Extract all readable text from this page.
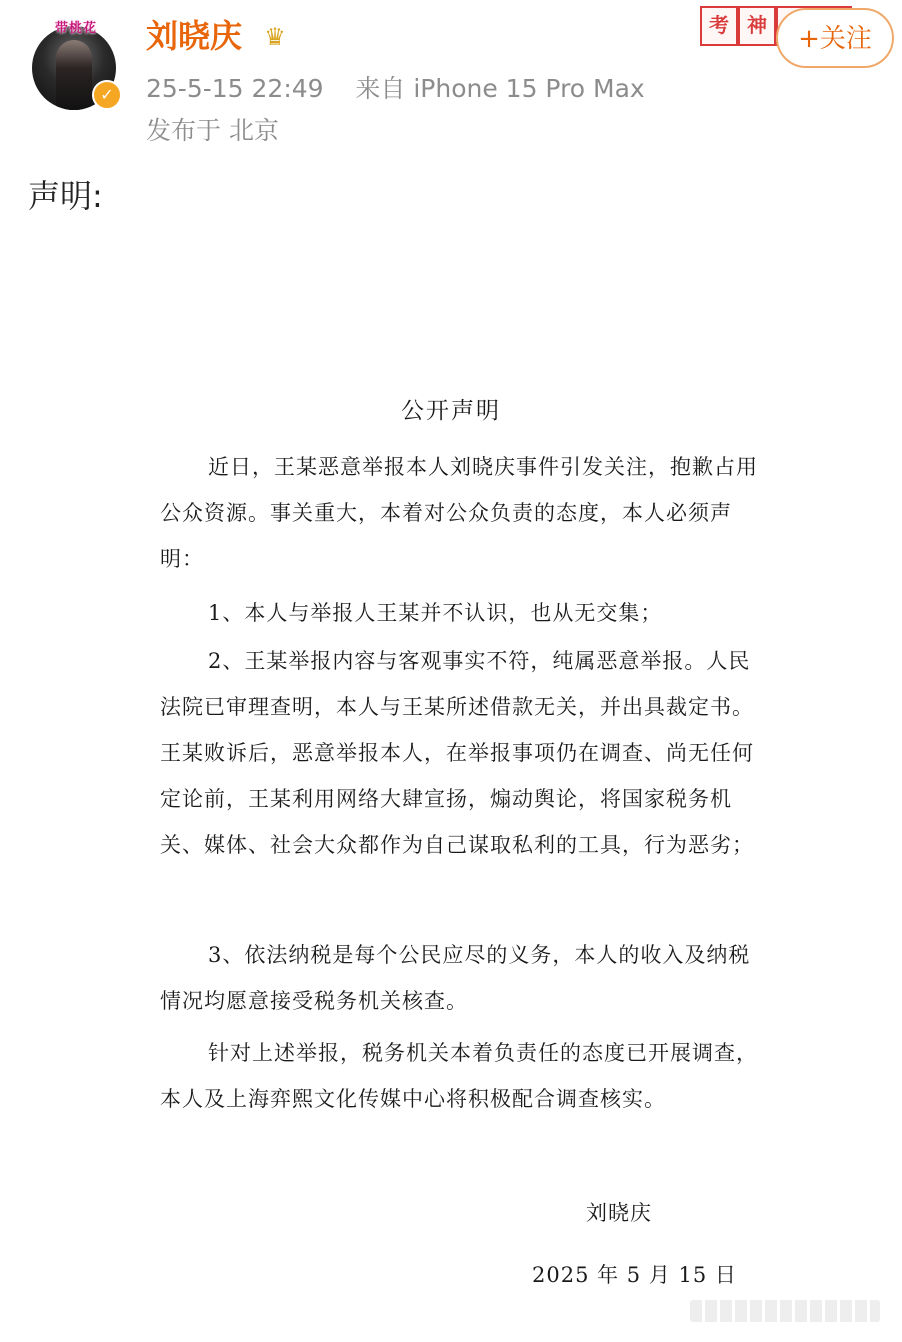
带桃花
✓
刘晓庆 ♛
25-5-15 22:49 来自 iPhone 15 Pro Max
发布于 北京
考 神	+关注
声明:
公开声明

近日，王某恶意举报本人刘晓庆事件引发关注，抱歉占用公众资源。事关重大，本着对公众负责的态度，本人必须声明：

1、本人与举报人王某并不认识，也从无交集；

2、王某举报内容与客观事实不符，纯属恶意举报。人民法院已审理查明，本人与王某所述借款无关，并出具裁定书。王某败诉后，恶意举报本人，在举报事项仍在调查、尚无任何定论前，王某利用网络大肆宣扬，煽动舆论，将国家税务机关、媒体、社会大众都作为自己谋取私利的工具，行为恶劣；

3、依法纳税是每个公民应尽的义务，本人的收入及纳税情况均愿意接受税务机关核查。

针对上述举报，税务机关本着负责任的态度已开展调查，本人及上海弈熙文化传媒中心将积极配合调查核实。

刘晓庆
2025 年 5 月 15 日
